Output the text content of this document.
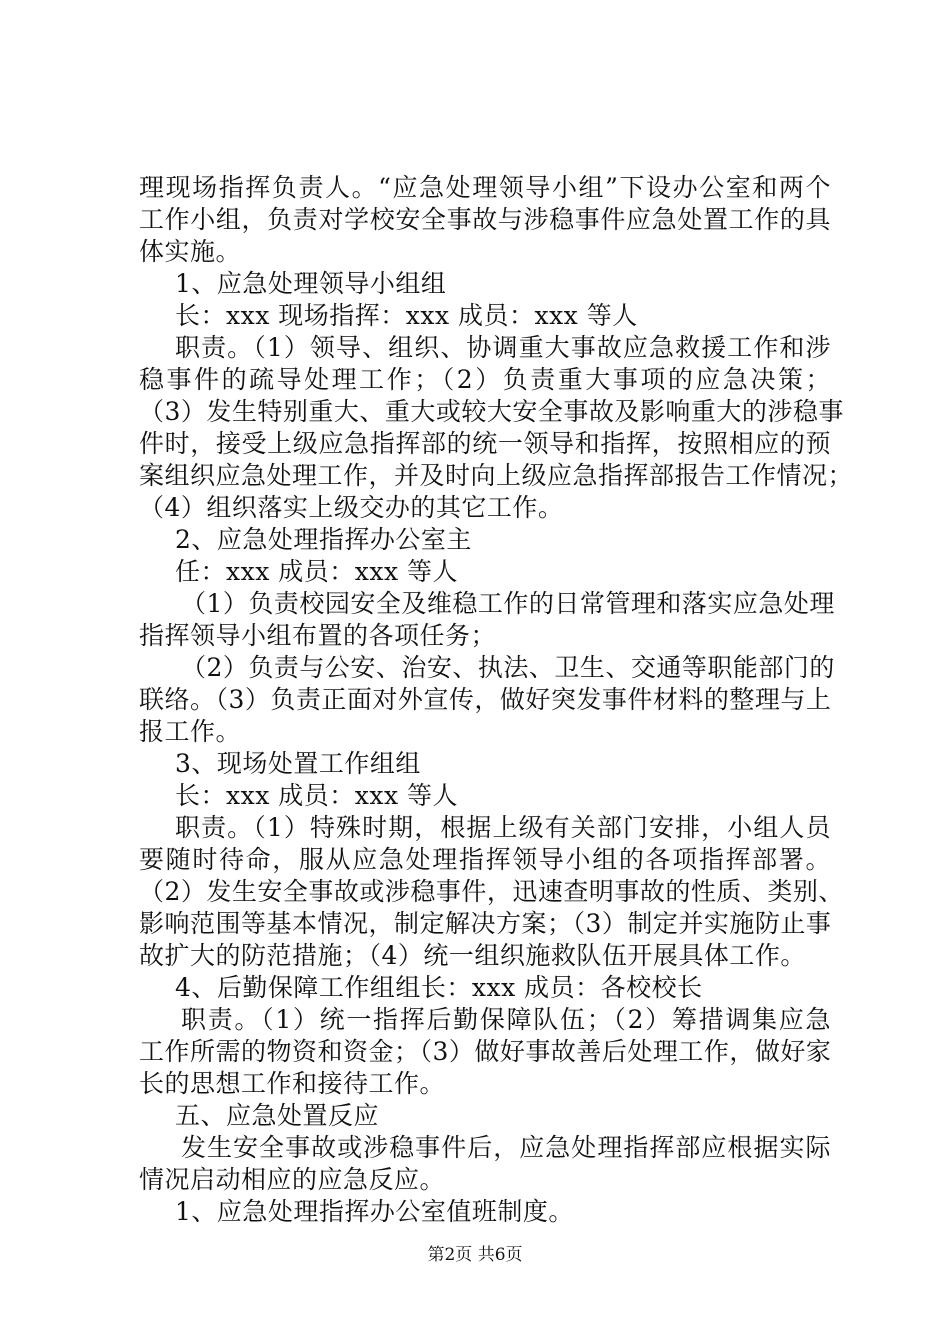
理现场指挥负责人。“应急处理领导小组”下设办公室和两个
工作小组，负责对学校安全事故与涉稳事件应急处置工作的具
体实施。
1、应急处理领导小组组
长：xxx 现场指挥：xxx 成员：xxx 等人
职责。（1）领导、组织、协调重大事故应急救援工作和涉
稳事件的疏导处理工作；（2）负责重大事项的应急决策；
（3）发生特别重大、重大或较大安全事故及影响重大的涉稳事
件时，接受上级应急指挥部的统一领导和指挥，按照相应的预
案组织应急处理工作，并及时向上级应急指挥部报告工作情况；
（4）组织落实上级交办的其它工作。
2、应急处理指挥办公室主
任：xxx 成员：xxx 等人
（1）负责校园安全及维稳工作的日常管理和落实应急处理
指挥领导小组布置的各项任务；
（2）负责与公安、治安、执法、卫生、交通等职能部门的
联络。（3）负责正面对外宣传，做好突发事件材料的整理与上
报工作。
3、现场处置工作组组
长：xxx 成员：xxx 等人
职责。（1）特殊时期，根据上级有关部门安排，小组人员
要随时待命，服从应急处理指挥领导小组的各项指挥部署。
（2）发生安全事故或涉稳事件，迅速查明事故的性质、类别、
影响范围等基本情况，制定解决方案；（3）制定并实施防止事
故扩大的防范措施；（4）统一组织施救队伍开展具体工作。
4、后勤保障工作组组长：xxx 成员：各校校长
职责。（1）统一指挥后勤保障队伍；（2）筹措调集应急
工作所需的物资和资金；（3）做好事故善后处理工作，做好家
长的思想工作和接待工作。
五、应急处置反应
发生安全事故或涉稳事件后，应急处理指挥部应根据实际
情况启动相应的应急反应。
1、应急处理指挥办公室值班制度。
第2页 共6页
